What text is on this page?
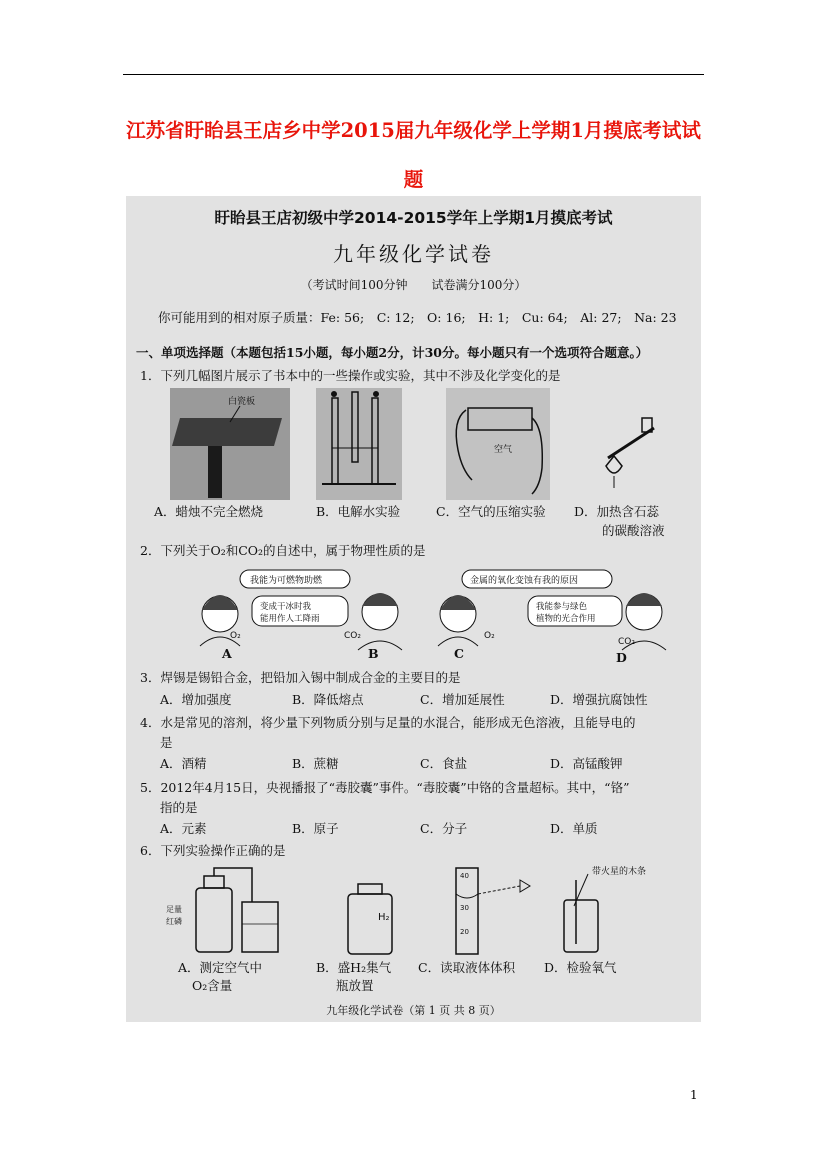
江苏省盱眙县王店乡中学2015届九年级化学上学期1月摸底考试试
题
盱眙县王店初级中学2014-2015学年上学期1月摸底考试
九年级化学试卷
（考试时间100分钟　　试卷满分100分）
你可能用到的相对原子质量：Fe: 56;　C: 12;　O: 16;　H: 1;　Cu: 64;　Al: 27;　Na: 23
一、单项选择题（本题包括15小题，每小题2分，计30分。每小题只有一个选项符合题意。）
1．下列几幅图片展示了书本中的一些操作或实验，其中不涉及化学变化的是
白瓷板
空气
A．蜡烛不完全燃烧	B．电解水实验	C．空气的压缩实验 D．加热含石蕊
的碳酸溶液
2．下列关于O₂和CO₂的自述中，属于物理性质的是
我能为可燃物助燃
变成干冰时我
能用作人工降雨
O₂	CO₂
金属的氧化变蚀有我的原因
我能参与绿色
植物的光合作用
O₂
CO₂
A	B	C	D
3．焊锡是锡铅合金，把铅加入锡中制成合金的主要目的是
A．增加强度	B．降低熔点	C．增加延展性	D．增强抗腐蚀性
4．水是常见的溶剂，将少量下列物质分别与足量的水混合，能形成无色溶液，且能导电的
是
A．酒精	B．蔗糖	C．食盐	D．高锰酸钾
5．2012年4月15日，央视播报了“毒胶囊”事件。“毒胶囊”中铬的含量超标。其中，“铬”
指的是
A．元素	B．原子	C．分子	D．单质
6．下列实验操作正确的是
足量
红磷	H₂
40
30
20
带火星的木条
A．测定空气中
O₂含量
B．盛H₂集气
瓶放置
C．读取液体体积 D．检验氧气
九年级化学试卷（第 1 页 共 8 页）
1
